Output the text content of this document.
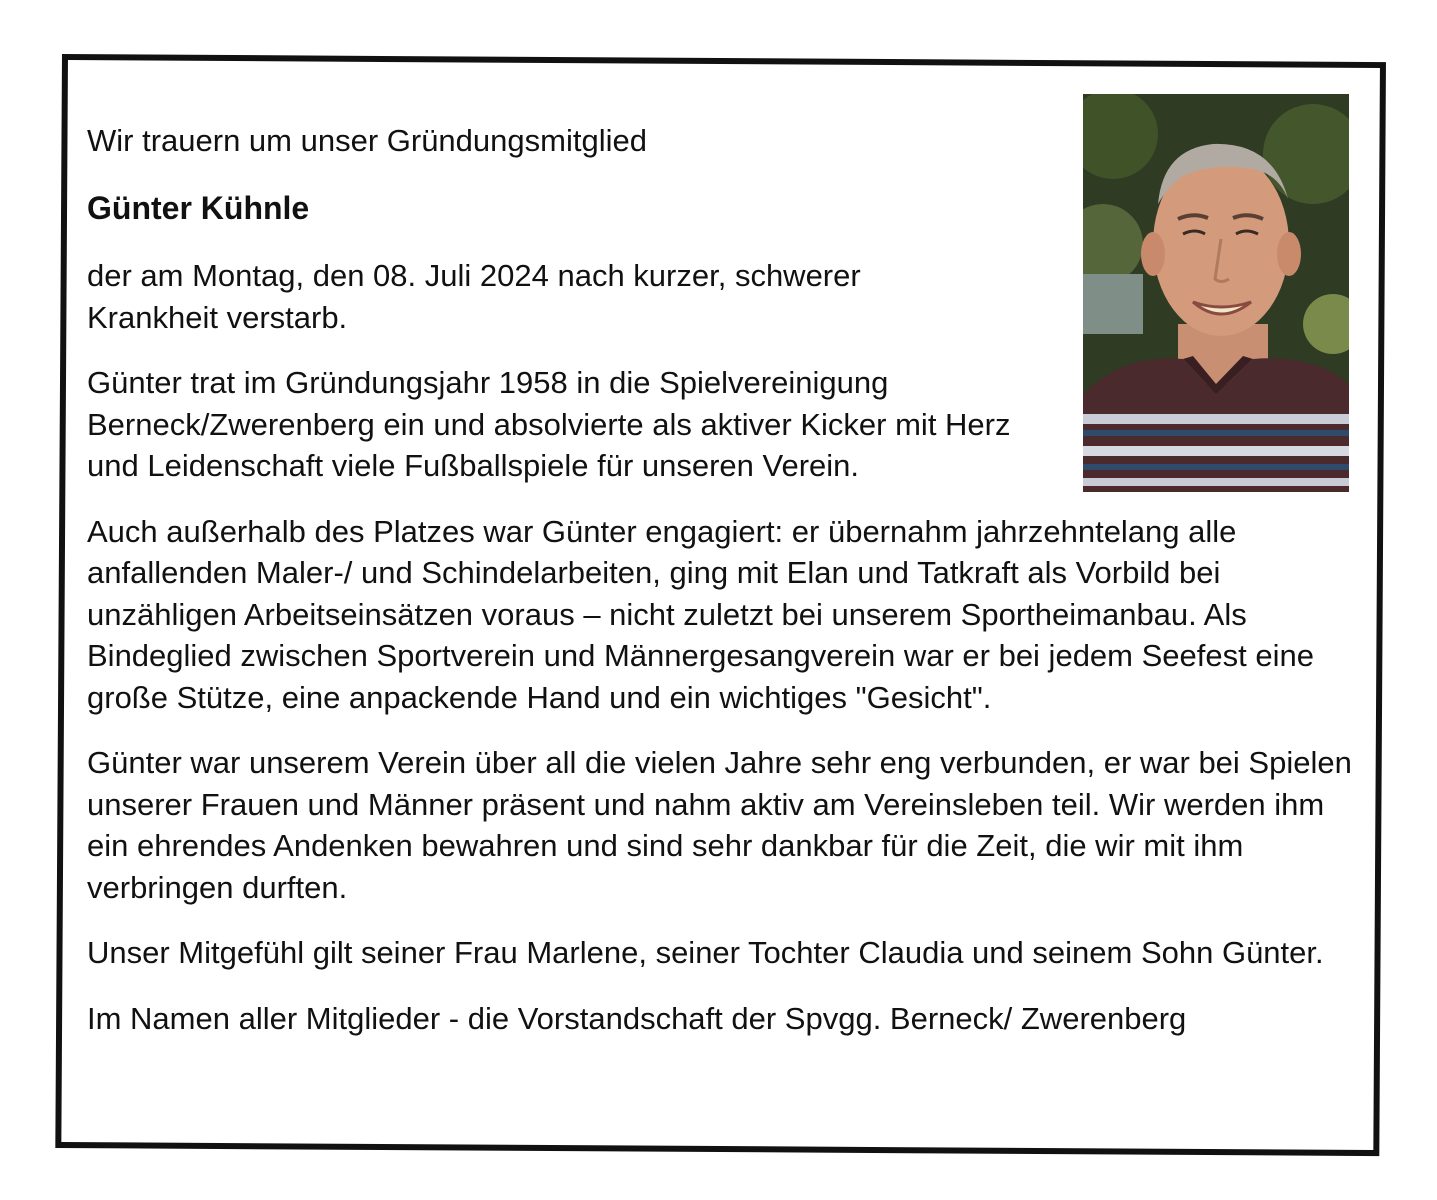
Wir trauern um unser Gründungsmitglied

Günter Kühnle

der am Montag, den 08. Juli 2024 nach kurzer, schwerer Krankheit verstarb.

Günter trat im Gründungsjahr 1958 in die Spielvereinigung Berneck/Zwerenberg ein und absolvierte als aktiver Kicker mit Herz und Leidenschaft viele Fußballspiele für unseren Verein.

Auch außerhalb des Platzes war Günter engagiert: er übernahm jahrzehntelang alle anfallenden Maler-/ und Schindelarbeiten, ging mit Elan und Tatkraft als Vorbild bei unzähligen Arbeitseinsätzen voraus – nicht zuletzt bei unserem Sportheimanbau. Als Bindeglied zwischen Sportverein und Männergesangverein war er bei jedem Seefest eine große Stütze, eine anpackende Hand und ein wichtiges "Gesicht".

Günter war unserem Verein über all die vielen Jahre sehr eng verbunden, er war bei Spielen unserer Frauen und Männer präsent und nahm aktiv am Vereinsleben teil. Wir werden ihm ein ehrendes Andenken bewahren und sind sehr dankbar für die Zeit, die wir mit ihm verbringen durften.

Unser Mitgefühl gilt seiner Frau Marlene, seiner Tochter Claudia und seinem Sohn Günter.

Im Namen aller Mitglieder - die Vorstandschaft der Spvgg. Berneck/ Zwerenberg
